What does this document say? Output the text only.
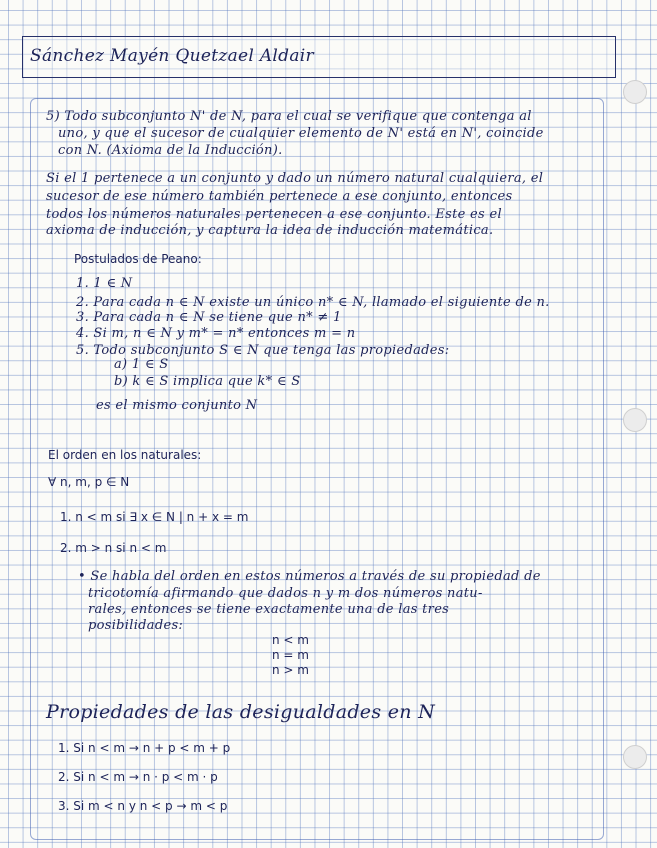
Sánchez Mayén Quetzael Aldair

5) Todo subconjunto N' de N, para el cual se verifique que contenga al

uno, y que el sucesor de cualquier elemento de N' está en N', coincide

con N. (Axioma de la Inducción).

Si el 1 pertenece a un conjunto y dado un número natural cualquiera, el

sucesor de ese número también pertenece a ese conjunto, entonces

todos los números naturales pertenecen a ese conjunto. Este es el

axioma de inducción, y captura la idea de inducción matemática.

Postulados de Peano:

1. 1 ∈ N

2. Para cada n ∈ N existe un único n* ∈ N, llamado el siguiente de n.

3. Para cada n ∈ N se tiene que n* ≠ 1

4. Si m, n ∈ N y m* = n* entonces m = n

5. Todo subconjunto S ∈ N que tenga las propiedades:

a) 1 ∈ S

b) k ∈ S implica que k* ∈ S

es el mismo conjunto N

El orden en los naturales:

∀ n, m, p ∈ N

1. n < m si ∃ x ∈ N | n + x = m

2. m > n si n < m

• Se habla del orden en estos números a través de su propiedad de

tricotomía afirmando que dados n y m dos números natu-

rales, entonces se tiene exactamente una de las tres

posibilidades:

n < m

n = m

n > m

Propiedades de las desigualdades en N

1. Si n < m → n + p < m + p

2. Si n < m → n · p < m · p

3. Si m < n y n < p → m < p
